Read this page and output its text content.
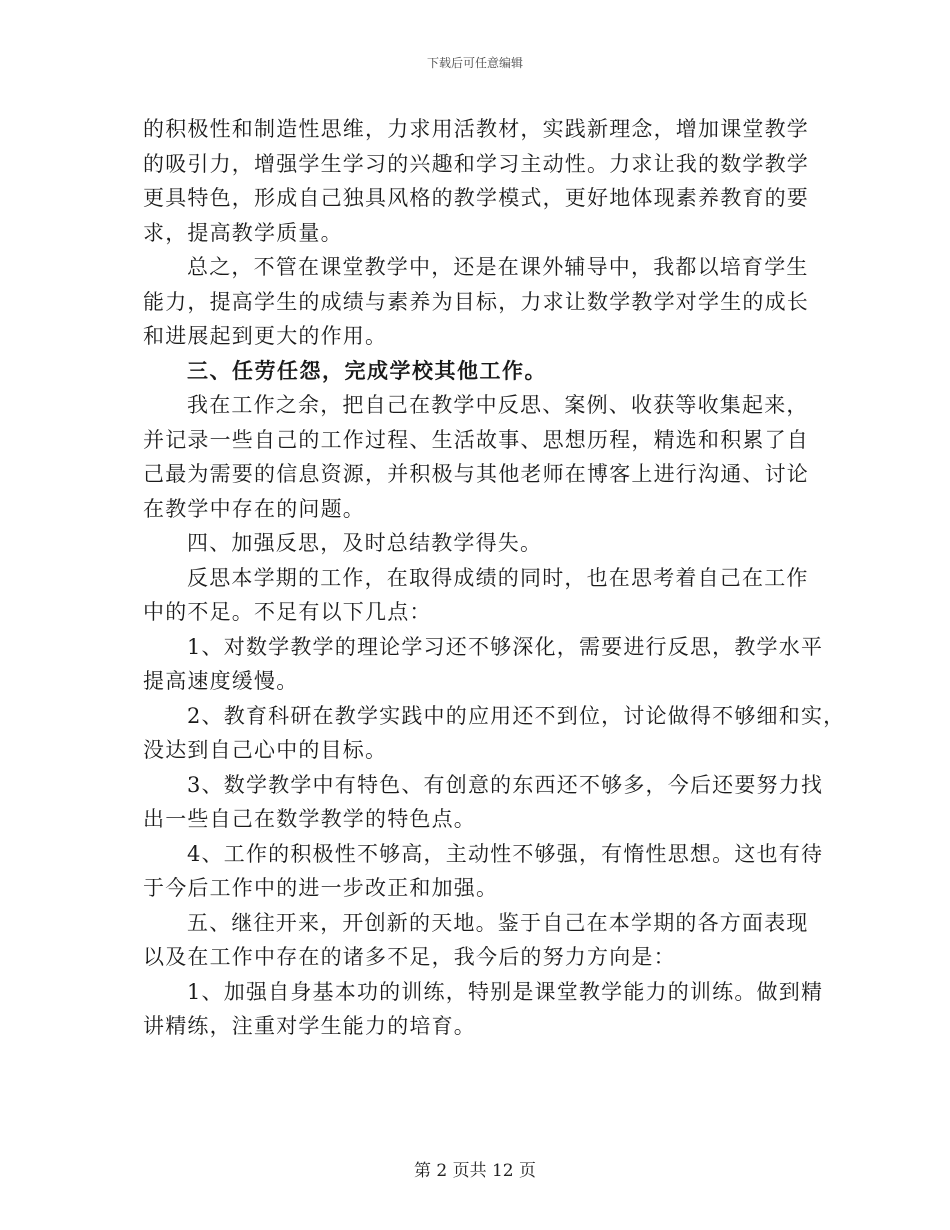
下载后可任意编辑
的积极性和制造性思维，力求用活教材，实践新理念，增加课堂教学
的吸引力，增强学生学习的兴趣和学习主动性。力求让我的数学教学
更具特色，形成自己独具风格的教学模式，更好地体现素养教育的要
求，提高教学质量。
总之，不管在课堂教学中，还是在课外辅导中，我都以培育学生
能力，提高学生的成绩与素养为目标，力求让数学教学对学生的成长
和进展起到更大的作用。
三、任劳任怨，完成学校其他工作。
我在工作之余，把自己在教学中反思、案例、收获等收集起来，
并记录一些自己的工作过程、生活故事、思想历程，精选和积累了自
己最为需要的信息资源，并积极与其他老师在博客上进行沟通、讨论
在教学中存在的问题。
四、加强反思，及时总结教学得失。
反思本学期的工作，在取得成绩的同时，也在思考着自己在工作
中的不足。不足有以下几点：
1、对数学教学的理论学习还不够深化，需要进行反思，教学水平
提高速度缓慢。
2、教育科研在教学实践中的应用还不到位，讨论做得不够细和实，
没达到自己心中的目标。
3、数学教学中有特色、有创意的东西还不够多，今后还要努力找
出一些自己在数学教学的特色点。
4、工作的积极性不够高，主动性不够强，有惰性思想。这也有待
于今后工作中的进一步改正和加强。
五、继往开来，开创新的天地。鉴于自己在本学期的各方面表现
以及在工作中存在的诸多不足，我今后的努力方向是：
1、加强自身基本功的训练，特别是课堂教学能力的训练。做到精
讲精练，注重对学生能力的培育。
第 2 页共 12 页
